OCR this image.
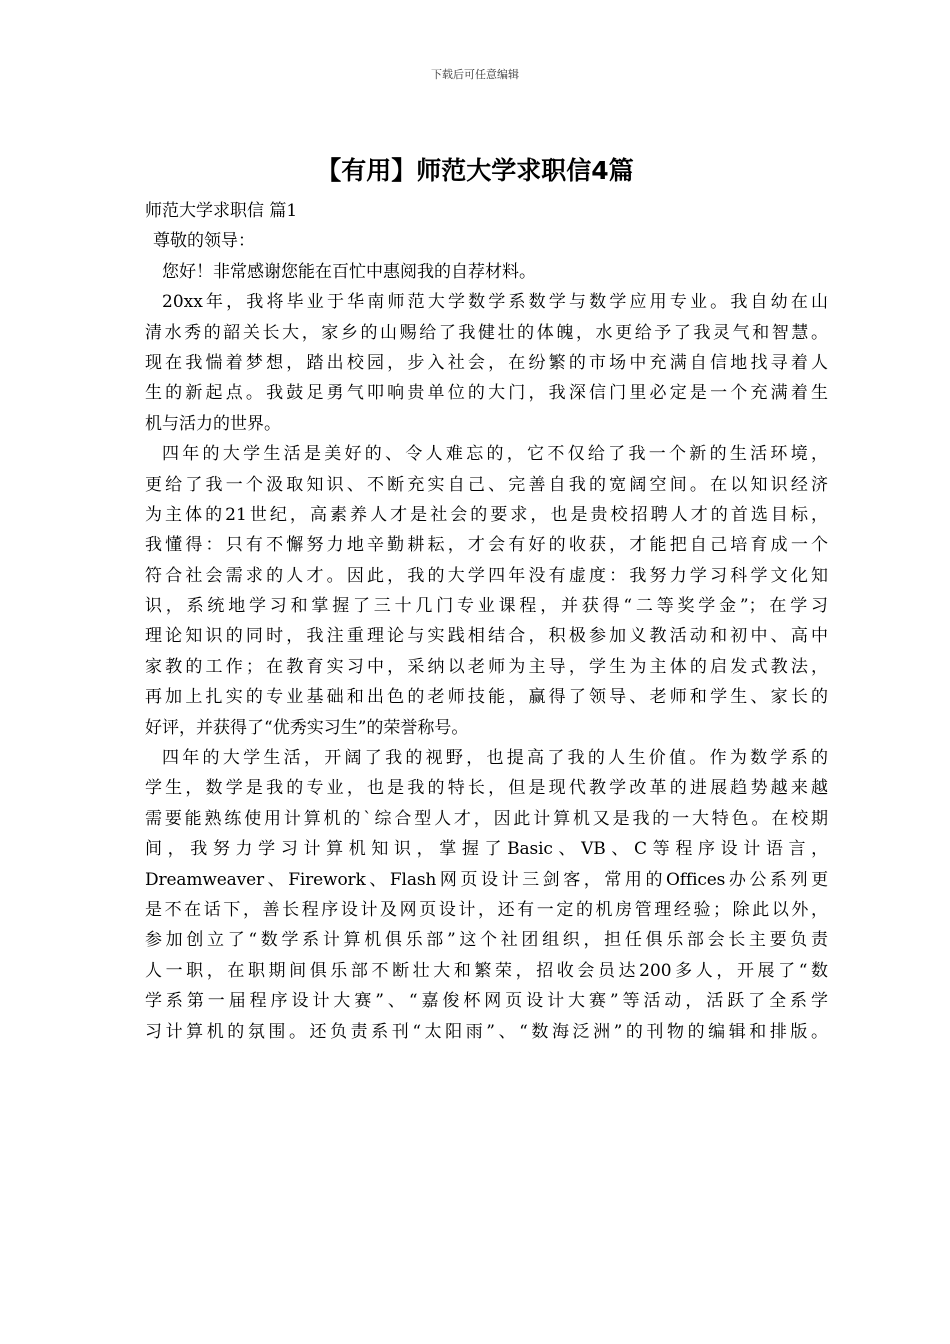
下载后可任意编辑
【有用】师范大学求职信4篇
师范大学求职信 篇1
尊敬的领导：
您好！非常感谢您能在百忙中惠阅我的自荐材料。
20xx年，我将毕业于华南师范大学数学系数学与数学应用专业。我自幼在山
清水秀的韶关长大，家乡的山赐给了我健壮的体魄，水更给予了我灵气和智慧。
现在我惴着梦想，踏出校园，步入社会，在纷繁的市场中充满自信地找寻着人
生的新起点。我鼓足勇气叩响贵单位的大门，我深信门里必定是一个充满着生
机与活力的世界。
四年的大学生活是美好的、令人难忘的，它不仅给了我一个新的生活环境，
更给了我一个汲取知识、不断充实自己、完善自我的宽阔空间。在以知识经济
为主体的21世纪，高素养人才是社会的要求，也是贵校招聘人才的首选目标，
我懂得：只有不懈努力地辛勤耕耘，才会有好的收获，才能把自己培育成一个
符合社会需求的人才。因此，我的大学四年没有虚度：我努力学习科学文化知
识，系统地学习和掌握了三十几门专业课程，并获得“二等奖学金”；在学习
理论知识的同时，我注重理论与实践相结合，积极参加义教活动和初中、高中
家教的工作；在教育实习中，采纳以老师为主导，学生为主体的启发式教法，
再加上扎实的专业基础和出色的老师技能，赢得了领导、老师和学生、家长的
好评，并获得了“优秀实习生”的荣誉称号。
四年的大学生活，开阔了我的视野，也提高了我的人生价值。作为数学系的
学生，数学是我的专业，也是我的特长，但是现代教学改革的进展趋势越来越
需要能熟练使用计算机的`综合型人才，因此计算机又是我的一大特色。在校期
间，我努力学习计算机知识，掌握了Basic、VB、C等程序设计语言，
Dreamweaver、Firework、Flash网页设计三剑客，常用的Offices办公系列更
是不在话下，善长程序设计及网页设计，还有一定的机房管理经验；除此以外，
参加创立了“数学系计算机俱乐部”这个社团组织，担任俱乐部会长主要负责
人一职，在职期间俱乐部不断壮大和繁荣，招收会员达200多人，开展了“数
学系第一届程序设计大赛”、“嘉俊杯网页设计大赛”等活动，活跃了全系学
习计算机的氛围。还负责系刊“太阳雨”、“数海泛洲”的刊物的编辑和排版。
